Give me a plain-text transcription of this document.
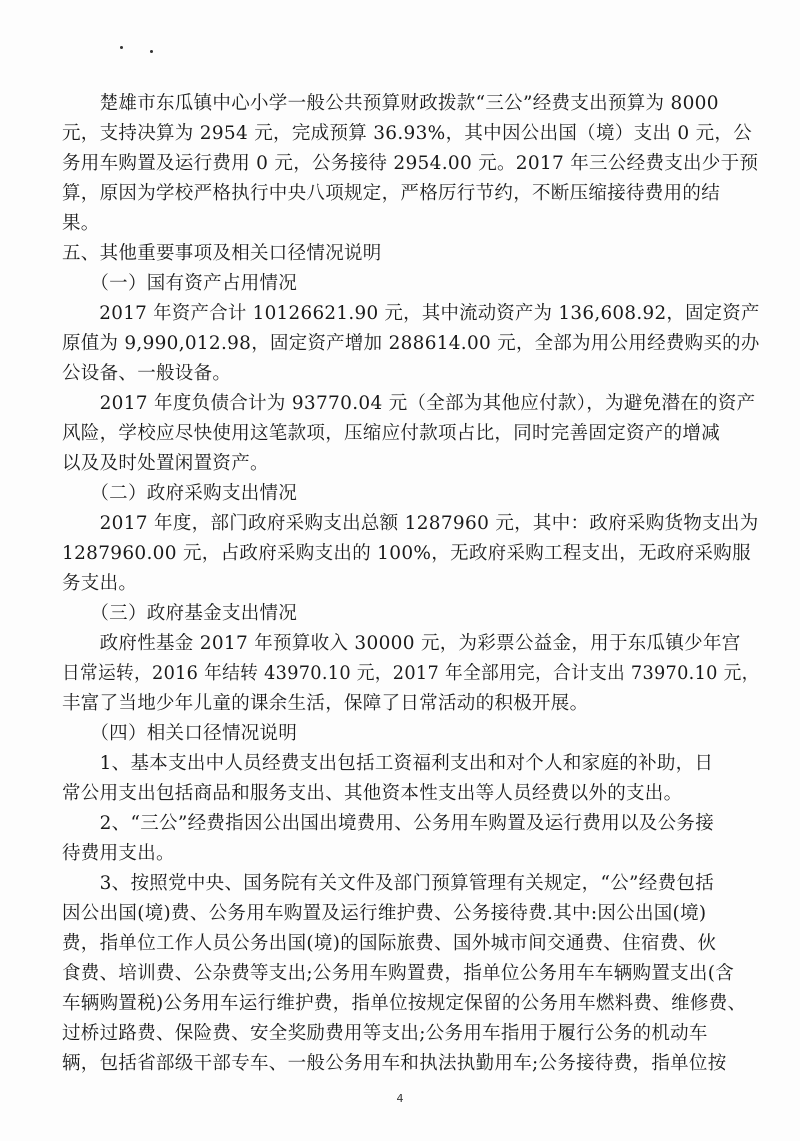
　　楚雄市东瓜镇中心小学一般公共预算财政拨款“三公”经费支出预算为 8000
元，支持决算为 2954 元，完成预算 36.93%，其中因公出国（境）支出 0 元，公
务用车购置及运行费用 0 元，公务接待 2954.00 元。2017 年三公经费支出少于预
算，原因为学校严格执行中央八项规定，严格厉行节约，不断压缩接待费用的结
果。
五、其他重要事项及相关口径情况说明
　　（一）国有资产占用情况
　　2017 年资产合计 10126621.90 元，其中流动资产为 136,608.92，固定资产
原值为 9,990,012.98，固定资产增加 288614.00 元，全部为用公用经费购买的办
公设备、一般设备。
　　2017 年度负债合计为 93770.04 元（全部为其他应付款），为避免潜在的资产
风险，学校应尽快使用这笔款项，压缩应付款项占比，同时完善固定资产的增减
以及及时处置闲置资产。
　　（二）政府采购支出情况
　　2017 年度，部门政府采购支出总额 1287960 元，其中：政府采购货物支出为
1287960.00 元，占政府采购支出的 100%，无政府采购工程支出，无政府采购服
务支出。
　　（三）政府基金支出情况
　　政府性基金 2017 年预算收入 30000 元，为彩票公益金，用于东瓜镇少年宫
日常运转，2016 年结转 43970.10 元，2017 年全部用完，合计支出 73970.10 元，
丰富了当地少年儿童的课余生活，保障了日常活动的积极开展。
　　（四）相关口径情况说明
　　1、基本支出中人员经费支出包括工资福利支出和对个人和家庭的补助，日
常公用支出包括商品和服务支出、其他资本性支出等人员经费以外的支出。
　　2、“三公”经费指因公出国出境费用、公务用车购置及运行费用以及公务接
待费用支出。
　　3、按照党中央、国务院有关文件及部门预算管理有关规定，“公”经费包括
因公出国(境)费、公务用车购置及运行维护费、公务接待费.其中:因公出国(境)
费，指单位工作人员公务出国(境)的国际旅费、国外城市间交通费、住宿费、伙
食费、培训费、公杂费等支出;公务用车购置费，指单位公务用车车辆购置支出(含
车辆购置税)公务用车运行维护费，指单位按规定保留的公务用车燃料费、维修费、
过桥过路费、保险费、安全奖励费用等支出;公务用车指用于履行公务的机动车
辆，包括省部级干部专车、一般公务用车和执法执勤用车;公务接待费，指单位按
4
